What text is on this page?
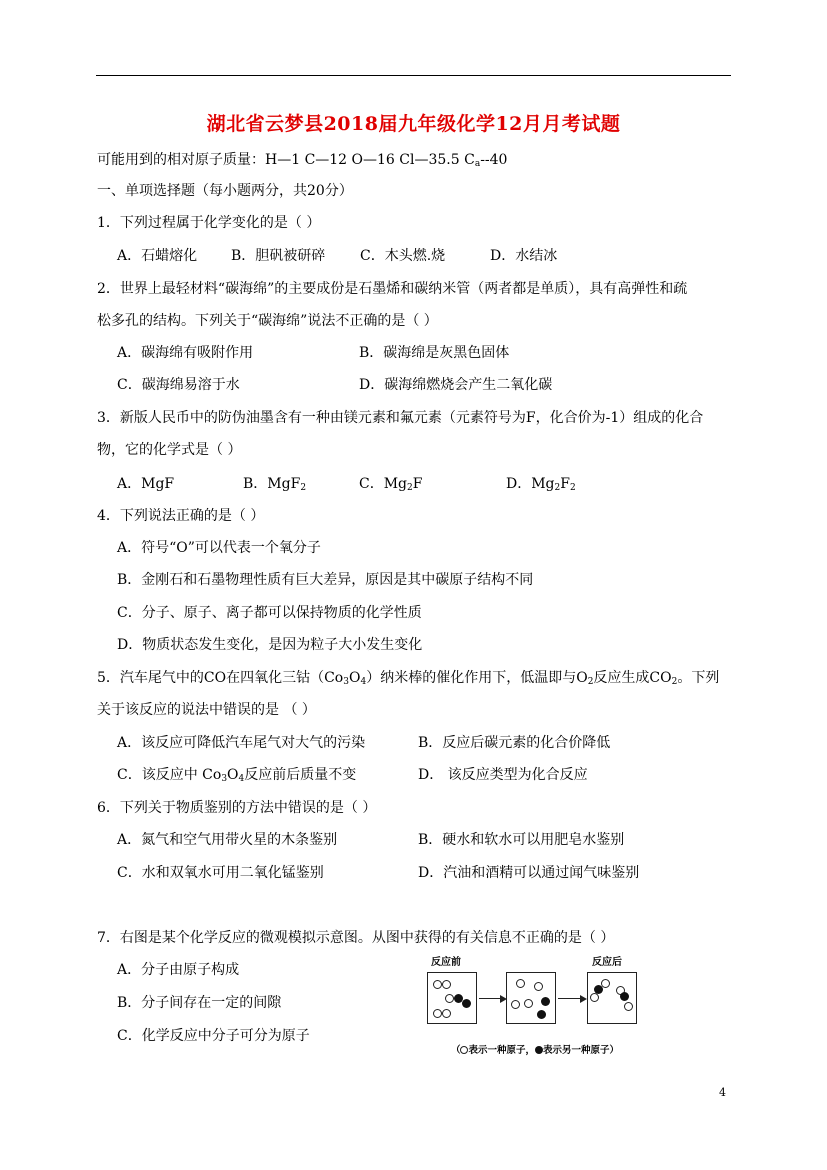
湖北省云梦县2018届九年级化学12月月考试题
可能用到的相对原子质量：H—1 C—12 O—16 Cl—35.5 $C_a--40$
一、单项选择题（每小题两分，共20分）
1．下列过程属于化学变化的是（ ）
A．石蜡熔化 B．胆矾被研碎 C．木头燃.烧	D．水结冰
2．世界上最轻材料“碳海绵”的主要成份是石墨烯和碳纳米管（两者都是单质），具有高弹性和疏
松多孔的结构。下列关于“碳海绵”说法不正确的是（ ）
A．碳海绵有吸附作用	B．碳海绵是灰黑色固体
C．碳海绵易溶于水	D．碳海绵燃烧会产生二氧化碳
3．新版人民币中的防伪油墨含有一种由镁元素和氟元素（元素符号为F，化合价为-1）组成的化合
物，它的化学式是（ ）
A．MgF	B．MgF$_2$	C．$Mg_2F$	D．$Mg_2F_2$
4．下列说法正确的是（ ）
A．符号“O”可以代表一个氧分子
B．金刚石和石墨物理性质有巨大差异，原因是其中碳原子结构不同
C．分子、原子、离子都可以保持物质的化学性质
D．物质状态发生变化，是因为粒子大小发生变化
5．汽车尾气中的CO在四氧化三钴$(Co_3O_4)$纳米棒的催化作用下，低温即与$O_2$反应生成$CO_2$。下列
关于该反应的说法中错误的是 （ ）
A．该反应可降低汽车尾气对大气的污染	B．反应后碳元素的化合价降低
C．该反应中 $Co_3O_4$反应前后质量不变	D． 该反应类型为化合反应
6．下列关于物质鉴别的方法中错误的是（ ）
A．氮气和空气用带火星的木条鉴别	B．硬水和软水可以用肥皂水鉴别
C．水和双氧水可用二氧化锰鉴别	D．汽油和酒精可以通过闻气味鉴别
7．右图是某个化学反应的微观模拟示意图。从图中获得的有关信息不正确的是（ ）
A．分子由原子构成
B．分子间存在一定的间隙
C．化学反应中分子可分为原子
反应前	反应后
（ 表示一种原子， 表示另一种原子）
4
